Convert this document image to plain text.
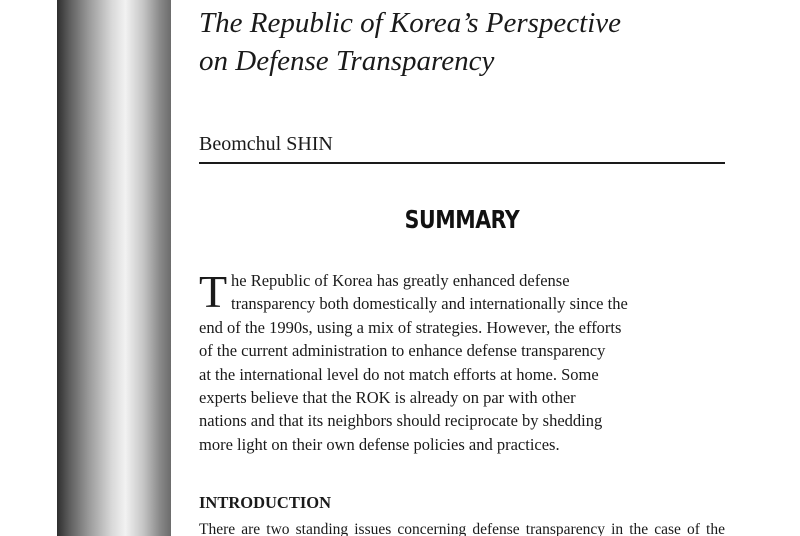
The Republic of Korea’s Perspective
on Defense Transparency
Beomchul SHIN
SUMMARY
T he Republic of Korea has greatly enhanced defense
transparency both domestically and internationally since the
end of the 1990s, using a mix of strategies. However, the efforts
of the current administration to enhance defense transparency
at the international level do not match efforts at home. Some
experts believe that the ROK is already on par with other
nations and that its neighbors should reciprocate by shedding
more light on their own defense policies and practices.
INTRODUCTION

There are two standing issues concerning defense transparency in the case of the
